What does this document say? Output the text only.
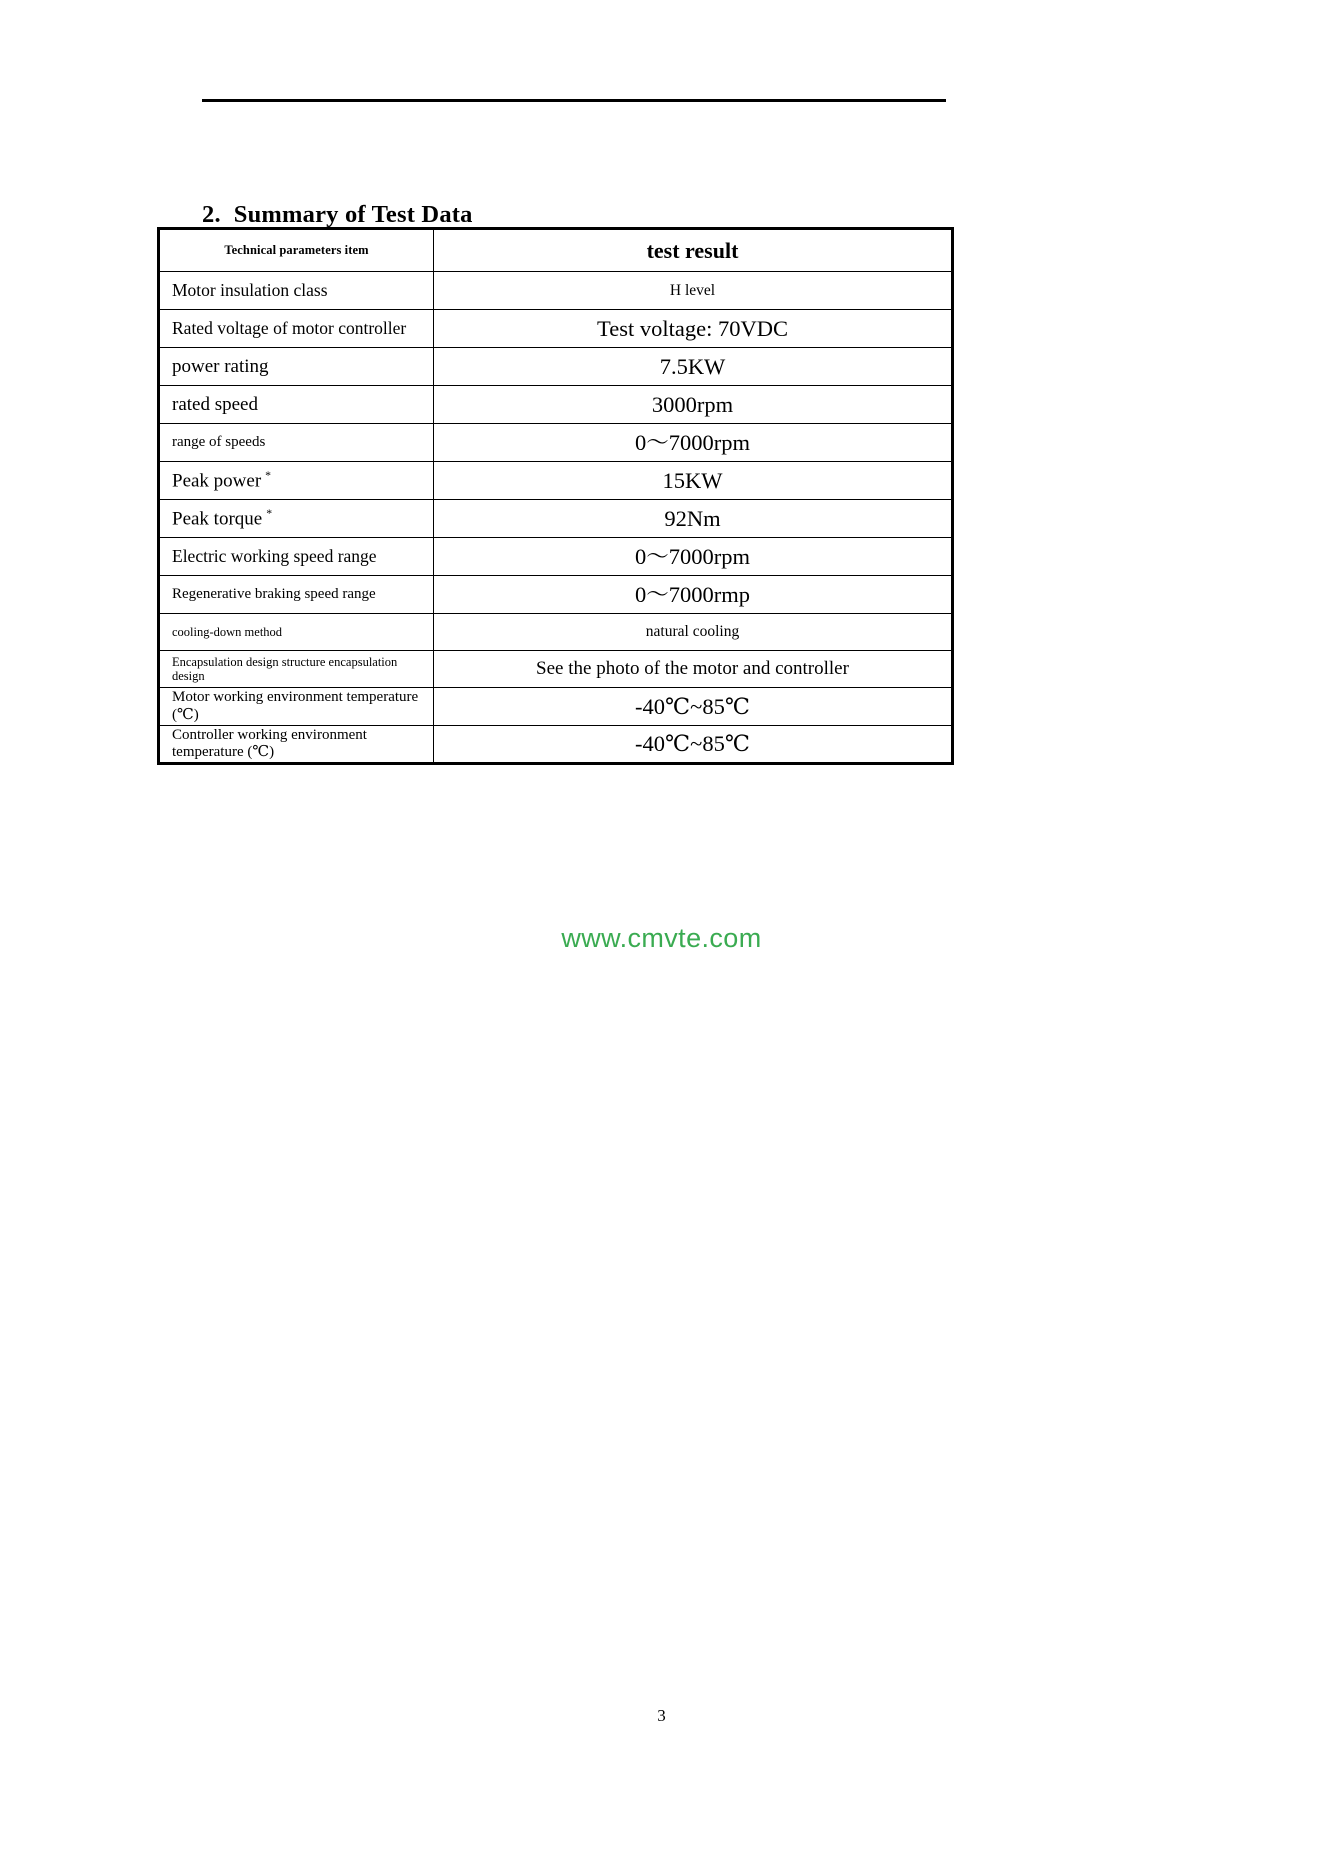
2. Summary of Test Data
Technical parameters item	test result
Motor insulation class	H level
Rated voltage of motor controller	Test voltage: 70VDC
power rating	7.5KW
rated speed	3000rpm
range of speeds	0～7000rpm
Peak power *	15KW
Peak torque *	92Nm
Electric working speed range	0～7000rpm
Regenerative braking speed range	0～7000rmp
cooling-down method	natural cooling
Encapsulation design structure encapsulation design	See the photo of the motor and controller
Motor working environment temperature (℃)	-40℃~85℃
Controller working environment temperature (℃)	-40℃~85℃
www.cmvte.com
3
